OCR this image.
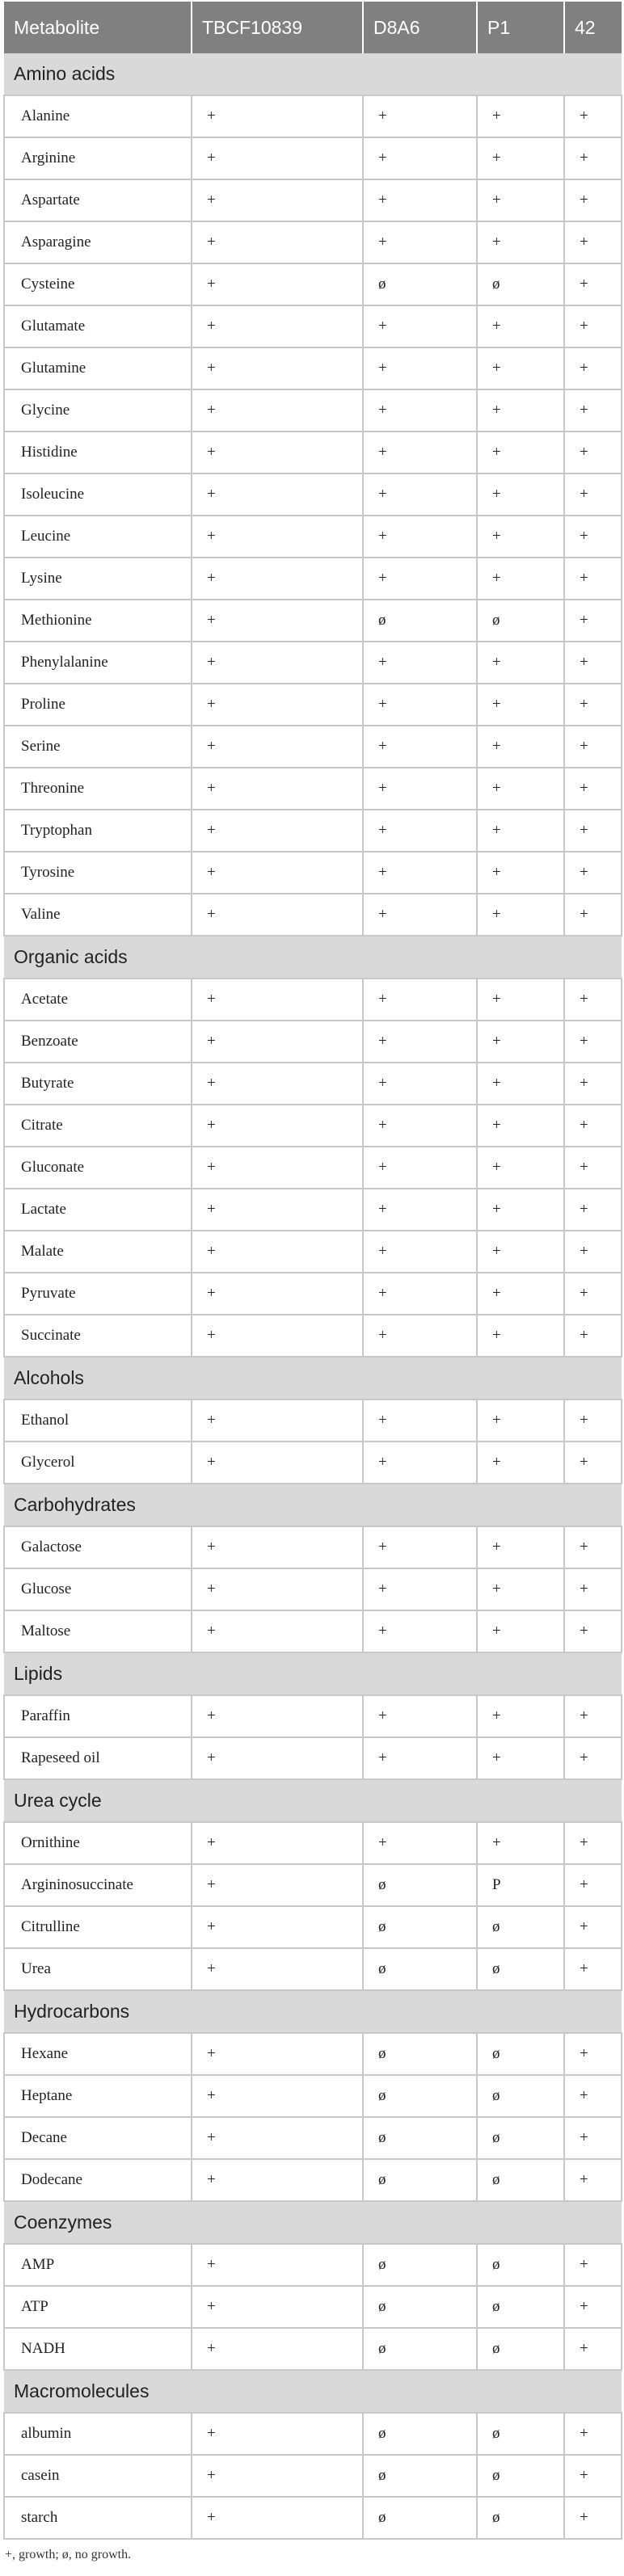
Metabolite	TBCF10839	D8A6	P1	42
Amino acids				
Alanine	+	+	+	+
Arginine	+	+	+	+
Aspartate	+	+	+	+
Asparagine	+	+	+	+
Cysteine	+	ø	ø	+
Glutamate	+	+	+	+
Glutamine	+	+	+	+
Glycine	+	+	+	+
Histidine	+	+	+	+
Isoleucine	+	+	+	+
Leucine	+	+	+	+
Lysine	+	+	+	+
Methionine	+	ø	ø	+
Phenylalanine	+	+	+	+
Proline	+	+	+	+
Serine	+	+	+	+
Threonine	+	+	+	+
Tryptophan	+	+	+	+
Tyrosine	+	+	+	+
Valine	+	+	+	+
Organic acids				
Acetate	+	+	+	+
Benzoate	+	+	+	+
Butyrate	+	+	+	+
Citrate	+	+	+	+
Gluconate	+	+	+	+
Lactate	+	+	+	+
Malate	+	+	+	+
Pyruvate	+	+	+	+
Succinate	+	+	+	+
Alcohols				
Ethanol	+	+	+	+
Glycerol	+	+	+	+
Carbohydrates				
Galactose	+	+	+	+
Glucose	+	+	+	+
Maltose	+	+	+	+
Lipids				
Paraffin	+	+	+	+
Rapeseed oil	+	+	+	+
Urea cycle				
Ornithine	+	+	+	+
Argininosuccinate	+	ø	P	+
Citrulline	+	ø	ø	+
Urea	+	ø	ø	+
Hydrocarbons				
Hexane	+	ø	ø	+
Heptane	+	ø	ø	+
Decane	+	ø	ø	+
Dodecane	+	ø	ø	+
Coenzymes				
AMP	+	ø	ø	+
ATP	+	ø	ø	+
NADH	+	ø	ø	+
Macromolecules				
albumin	+	ø	ø	+
casein	+	ø	ø	+
starch	+	ø	ø	+
+, growth; ø, no growth.
